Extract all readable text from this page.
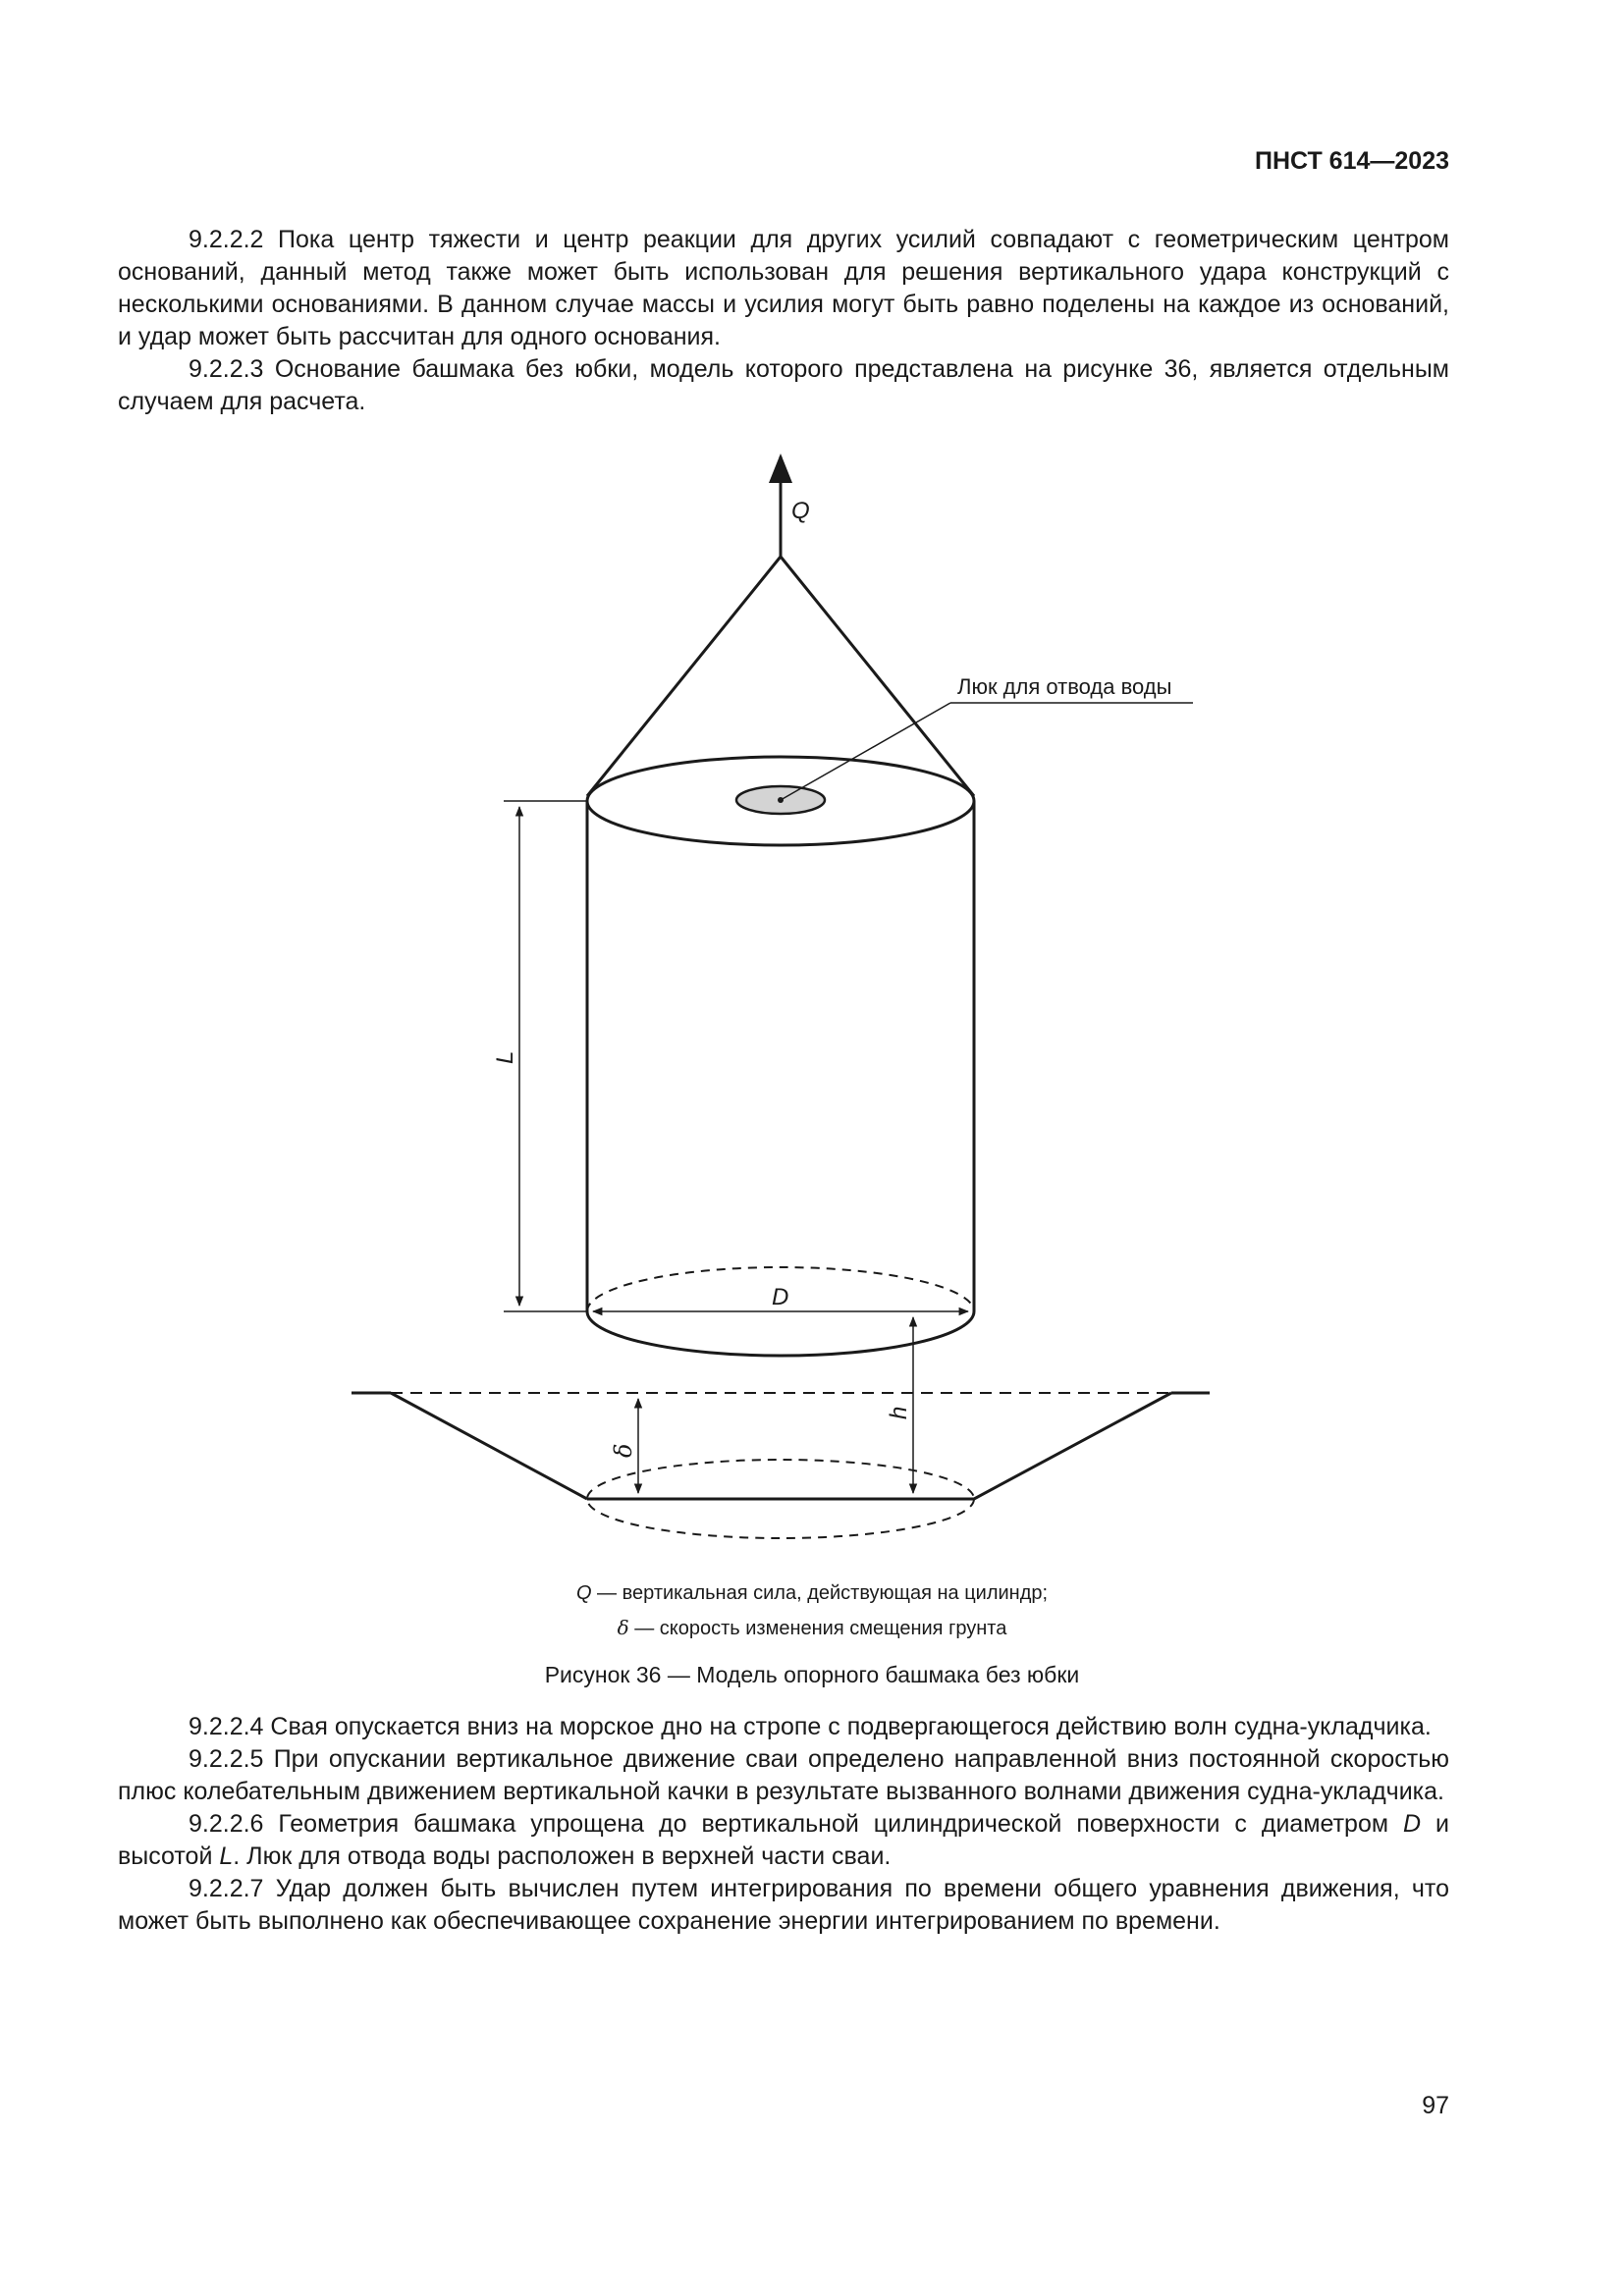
ПНСТ 614—2023

9.2.2.2 Пока центр тяжести и центр реакции для других усилий совпадают с геометрическим центром оснований, данный метод также может быть использован для решения вертикального удара конструкций с несколькими основаниями. В данном случае массы и усилия могут быть равно поделены на каждое из оснований, и удар может быть рассчитан для одного основания.

9.2.2.3 Основание башмака без юбки, модель которого представлена на рисунке 36, является отдельным случаем для расчета.

Q
Люк для отвода воды
L
D
δ
h
Q — вертикальная сила, действующая на цилиндр;
δ — скорость изменения смещения грунта
Рисунок 36 — Модель опорного башмака без юбки

9.2.2.4 Свая опускается вниз на морское дно на стропе с подвергающегося действию волн судна-укладчика.

9.2.2.5 При опускании вертикальное движение сваи определено направленной вниз постоянной скоростью плюс колебательным движением вертикальной качки в результате вызванного волнами движения судна-укладчика.

9.2.2.6 Геометрия башмака упрощена до вертикальной цилиндрической поверхности с диаметром D и высотой L. Люк для отвода воды расположен в верхней части сваи.

9.2.2.7 Удар должен быть вычислен путем интегрирования по времени общего уравнения движения, что может быть выполнено как обеспечивающее сохранение энергии интегрированием по времени.

97
